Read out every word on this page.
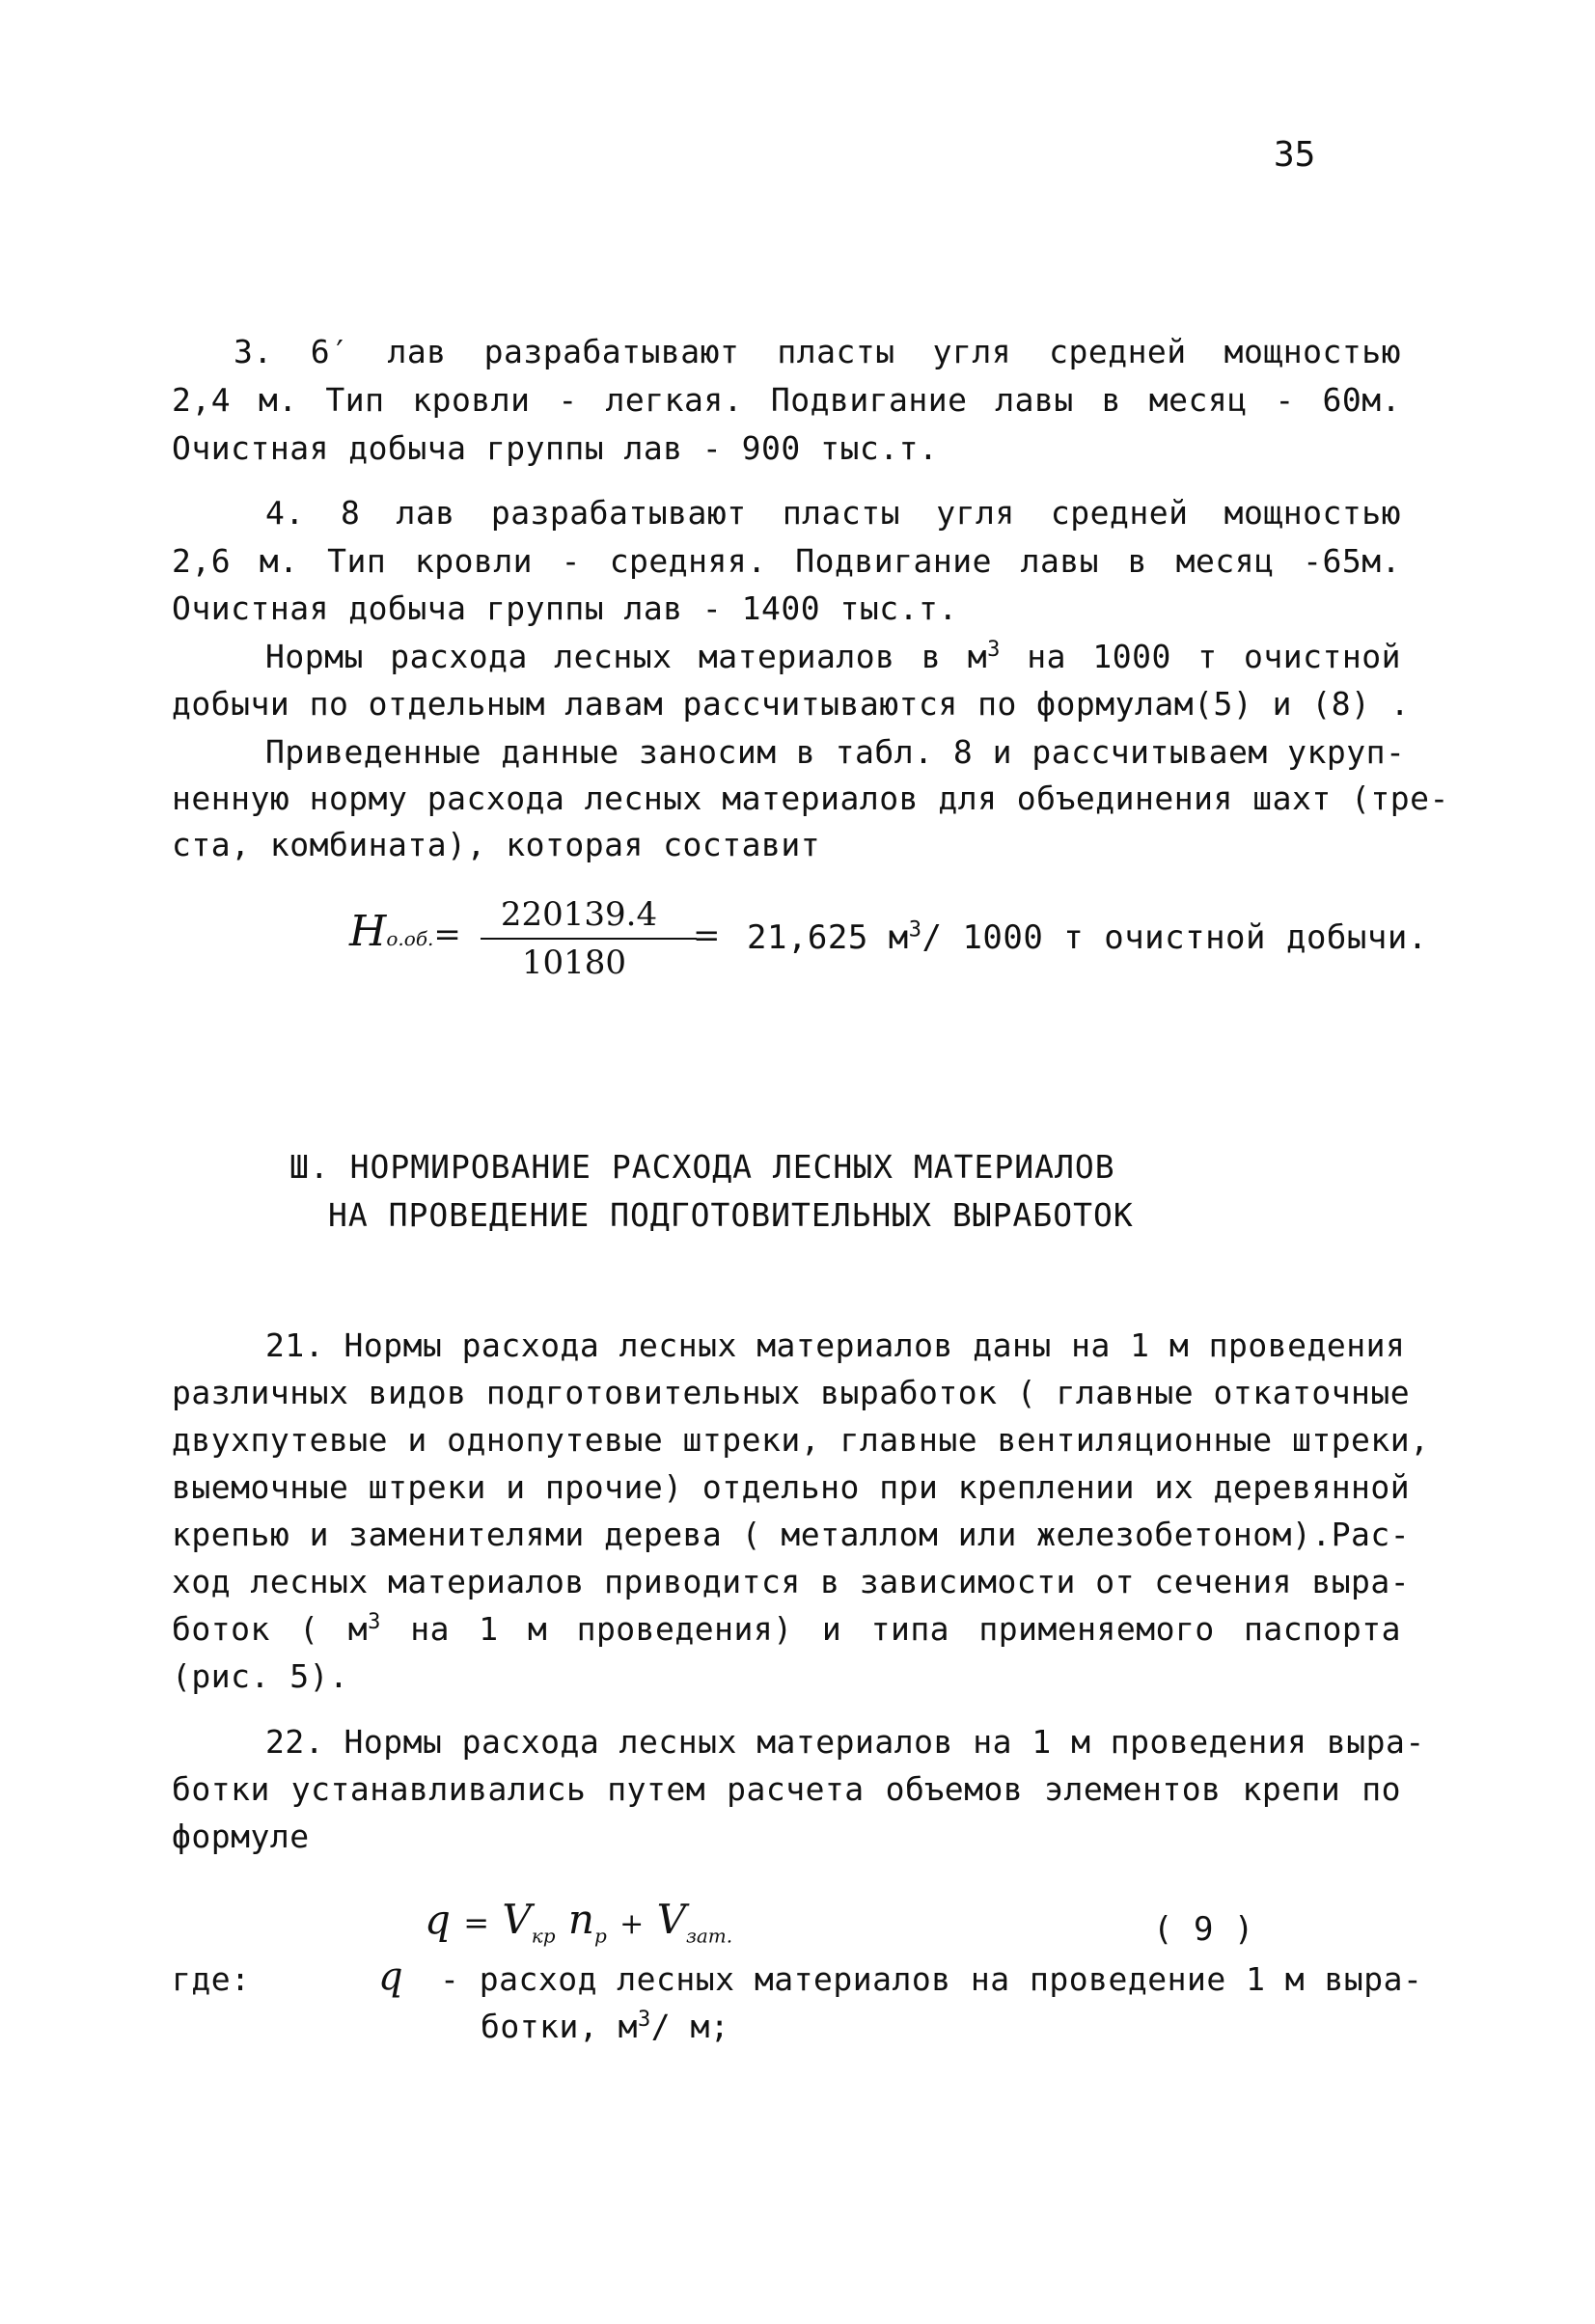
35
3. 6′ лав разрабатывают пласты угля средней мощностью
2,4 м. Тип кровли - легкая. Подвигание лавы в месяц - 60м.
Очистная добыча группы лав - 900 тыс.т.
4. 8 лав разрабатывают пласты угля средней мощностью
2,6 м. Тип кровли - средняя. Подвигание лавы в месяц -65м.
Очистная добыча группы лав - 1400 тыс.т.
Нормы расхода лесных материалов в $м^3$ на 1000 т очистной
добычи по отдельным лавам рассчитываются по формулам(5) и (8) .
Приведенные данные заносим в табл. 8 и рассчитываем укруп-
ненную норму расхода лесных материалов для объединения шахт (тре-
ста, комбината), которая составит
Но.об.=
220139.4
10180
= 21,625 $м^3/$ 1000 т очистной добычи.
Ш. НОРМИРОВАНИЕ РАСХОДА ЛЕСНЫХ МАТЕРИАЛОВ
НА ПРОВЕДЕНИЕ ПОДГОТОВИТЕЛЬНЫХ ВЫРАБОТОК
21. Нормы расхода лесных материалов даны на 1 м проведения
различных видов подготовительных выработок ( главные откаточные
двухпутевые и однопутевые штреки, главные вентиляционные штреки,
выемочные штреки и прочие) отдельно при креплении их деревянной
крепью и заменителями дерева ( металлом или железобетоном).Рас-
ход лесных материалов приводится в зависимости от сечения выра-
боток ( $м^3$ на 1 м проведения) и типа применяемого паспорта
(рис. 5).
22. Нормы расхода лесных материалов на 1 м проведения выра-
ботки устанавливались путем расчета объемов элементов крепи по
формуле
$q = V_{кр}$ $n_р + V_{зат.}$	( 9 )
где:	q - расход лесных материалов на проведение 1 м выра-
ботки, $м^3/$ м;
